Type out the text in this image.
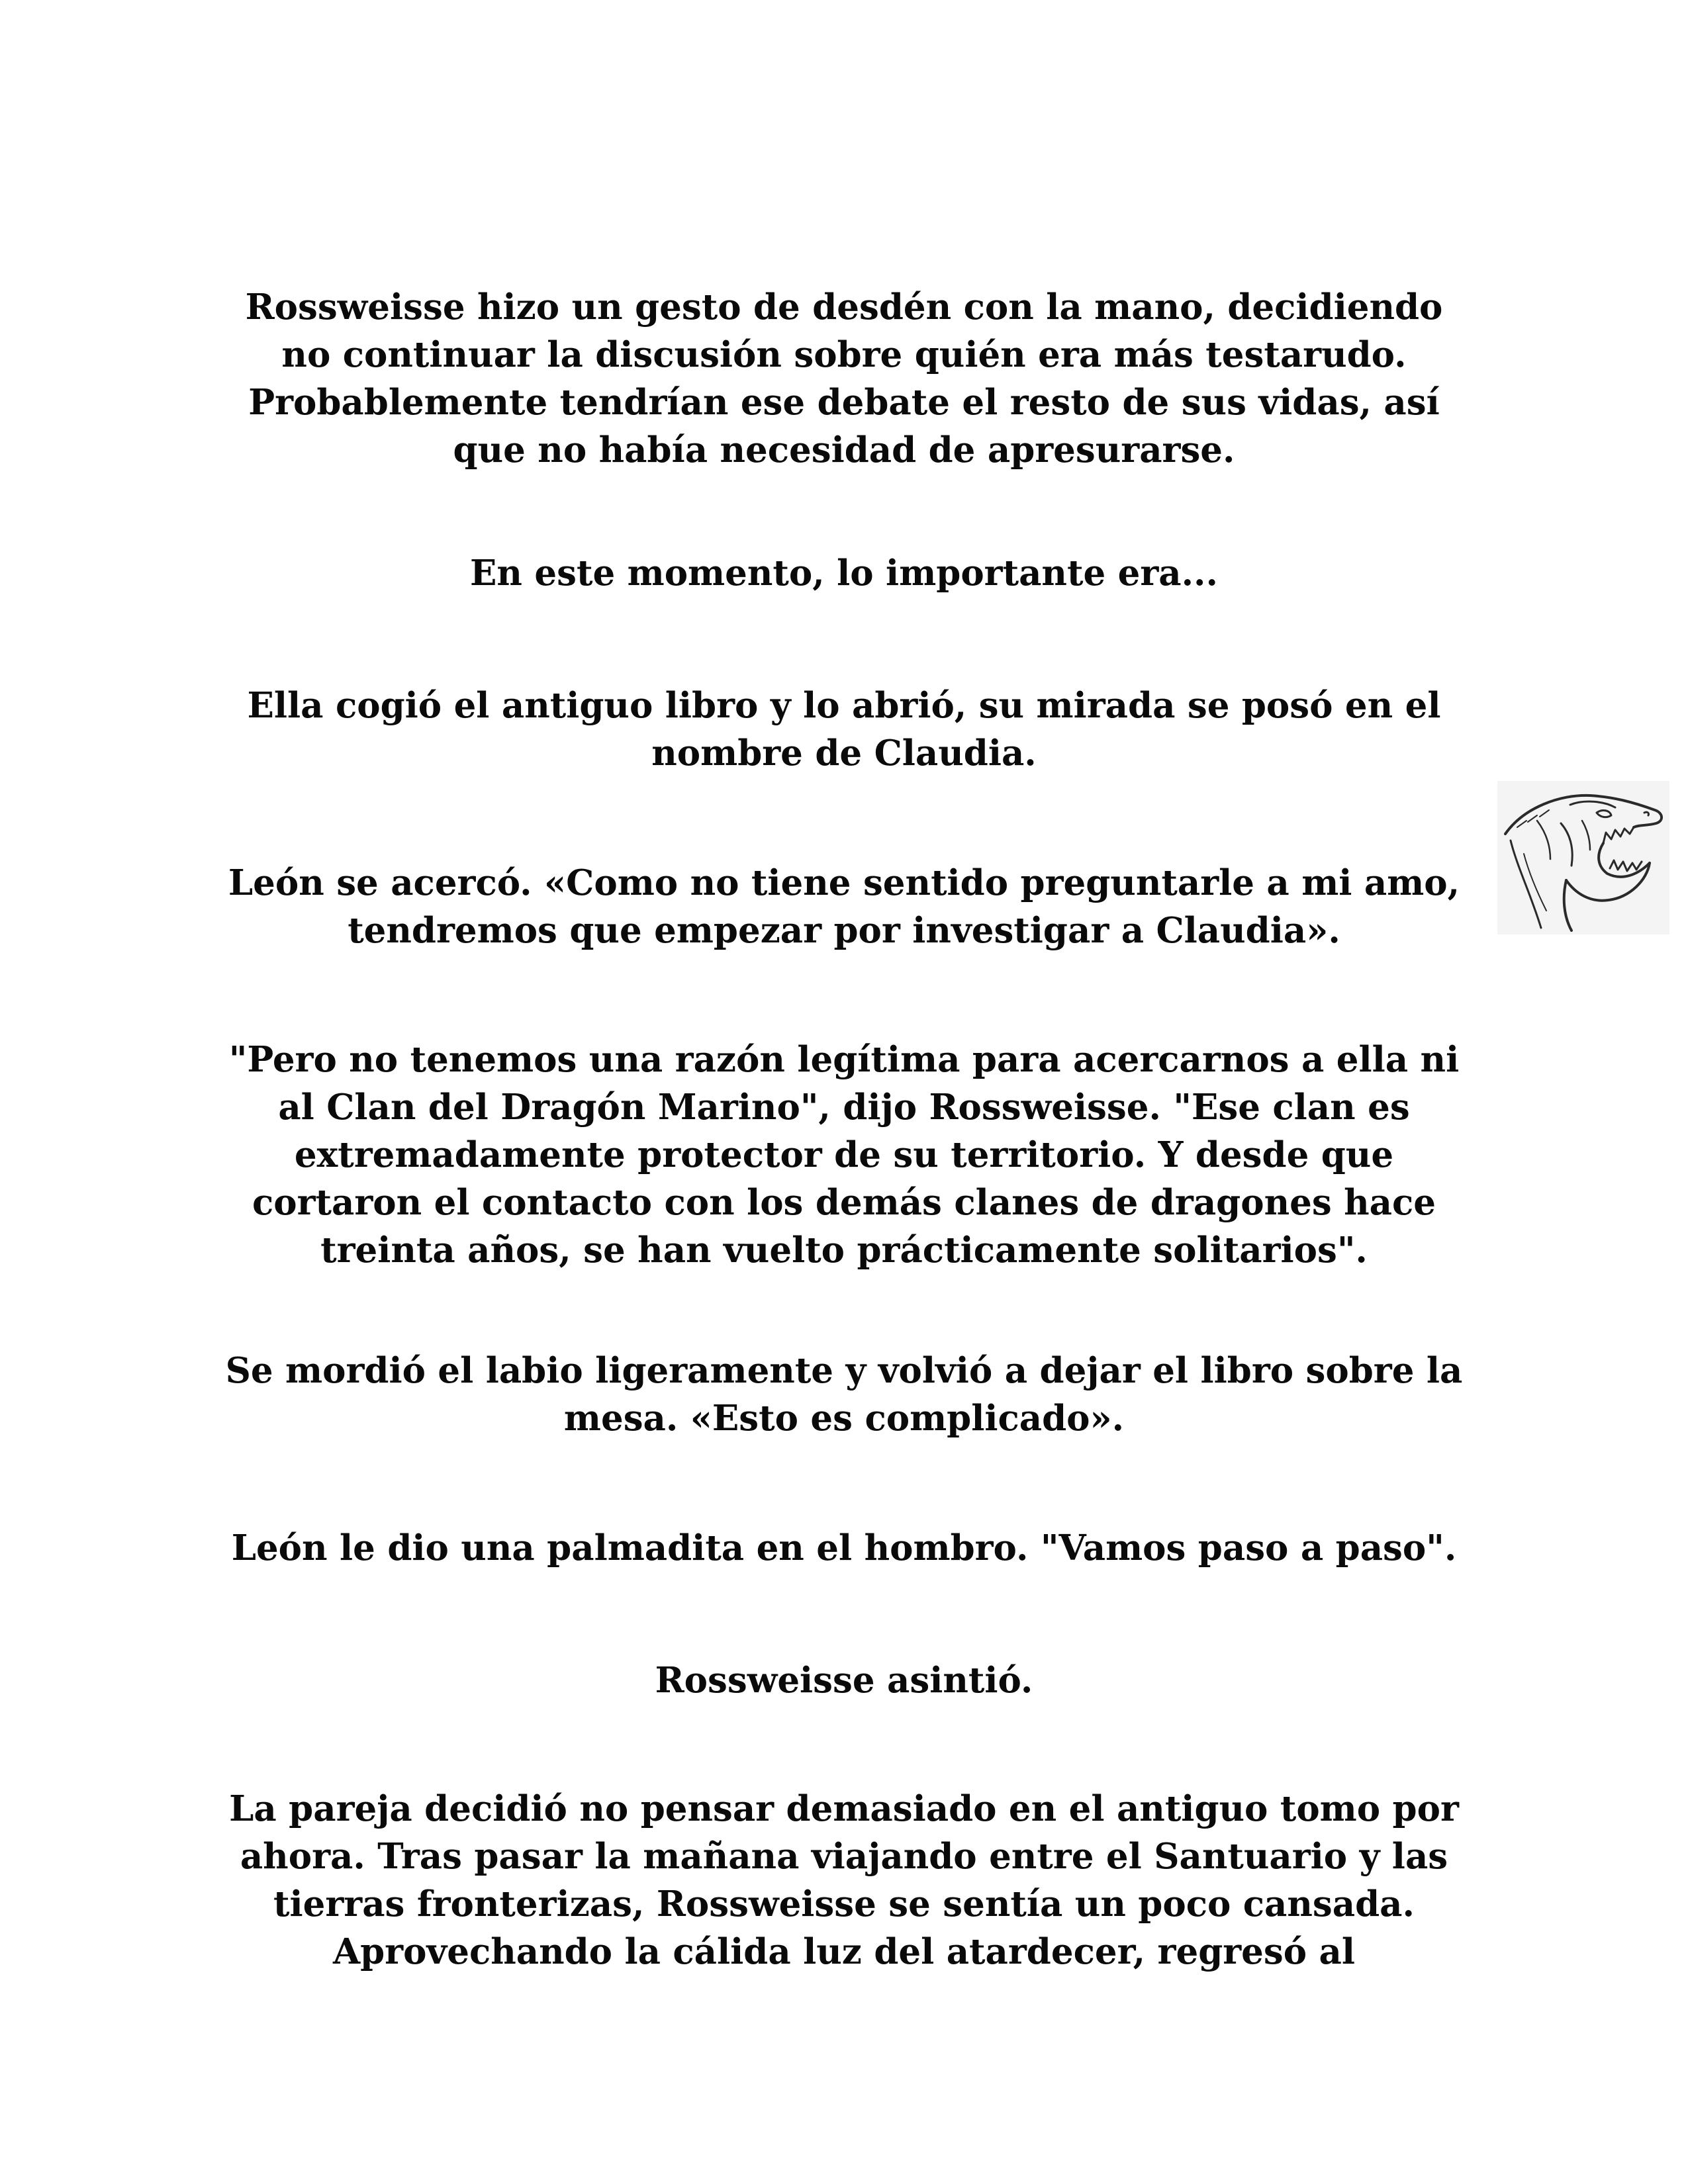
Rossweisse hizo un gesto de desdén con la mano, decidiendo
no continuar la discusión sobre quién era más testarudo.
Probablemente tendrían ese debate el resto de sus vidas, así
que no había necesidad de apresurarse.

En este momento, lo importante era...

Ella cogió el antiguo libro y lo abrió, su mirada se posó en el
nombre de Claudia.

León se acercó. «Como no tiene sentido preguntarle a mi amo,
tendremos que empezar por investigar a Claudia».

"Pero no tenemos una razón legítima para acercarnos a ella ni
al Clan del Dragón Marino", dijo Rossweisse. "Ese clan es
extremadamente protector de su territorio. Y desde que
cortaron el contacto con los demás clanes de dragones hace
treinta años, se han vuelto prácticamente solitarios".

Se mordió el labio ligeramente y volvió a dejar el libro sobre la
mesa. «Esto es complicado».

León le dio una palmadita en el hombro. "Vamos paso a paso".

Rossweisse asintió.

La pareja decidió no pensar demasiado en el antiguo tomo por
ahora. Tras pasar la mañana viajando entre el Santuario y las
tierras fronterizas, Rossweisse se sentía un poco cansada.
Aprovechando la cálida luz del atardecer, regresó al
